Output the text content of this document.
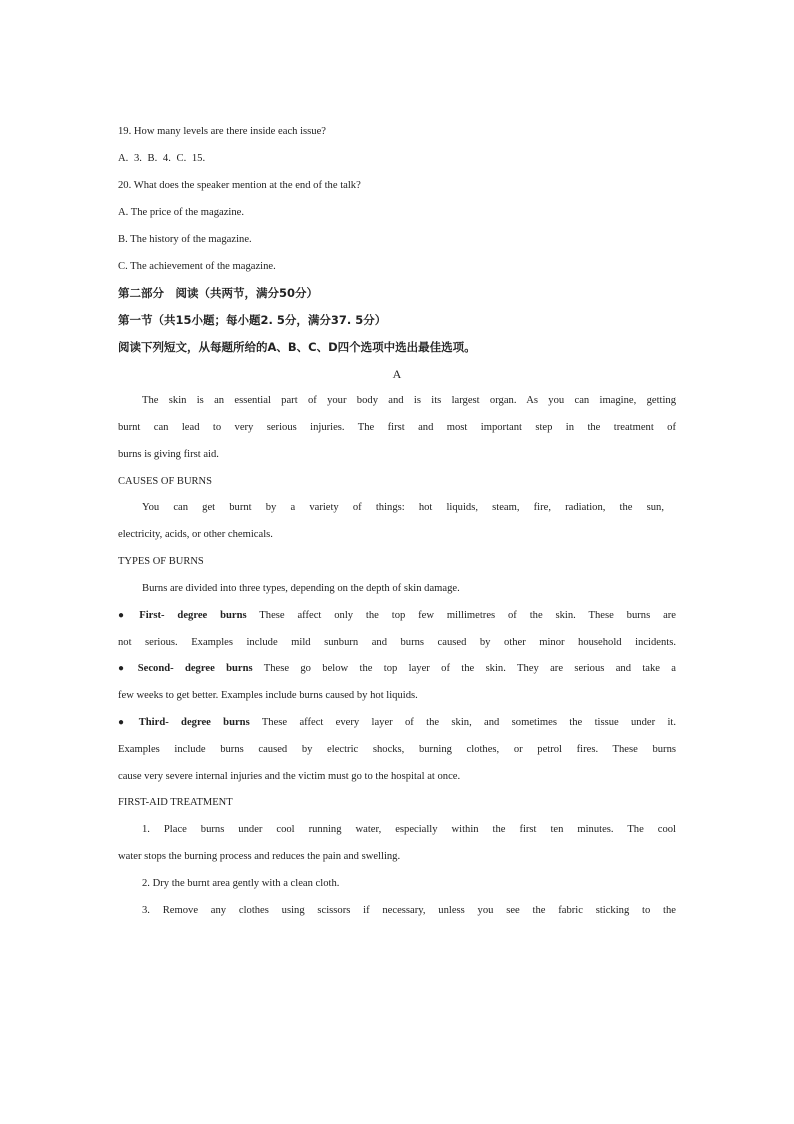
19. How many levels are there inside each issue?
A. 3. B. 4. C. 15.
20. What does the speaker mention at the end of the talk?
A. The price of the magazine.
B. The history of the magazine.
C. The achievement of the magazine.
第二部分　阅读（共两节，满分50分）
第一节（共15小题；每小题2. 5分，满分37. 5分）
阅读下列短文，从每题所给的A、B、C、D四个选项中选出最佳选项。
A
The skin is an essential part of your body and is its largest organ. As you can imagine, getting
burnt can lead to very serious injuries. The first and most important step in the treatment of
burns is giving first aid.
CAUSES OF BURNS
You can get burnt by a variety of things: hot liquids, steam, fire, radiation, the sun,
electricity, acids, or other chemicals.
TYPES OF BURNS
Burns are divided into three types, depending on the depth of skin damage.
● First- degree burns These affect only the top few millimetres of the skin. These burns are
not serious. Examples include mild sunburn and burns caused by other minor household incidents.
● Second- degree burns These go below the top layer of the skin. They are serious and take a
few weeks to get better. Examples include burns caused by hot liquids.
● Third- degree burns These affect every layer of the skin, and sometimes the tissue under it.
Examples include burns caused by electric shocks, burning clothes, or petrol fires. These burns
cause very severe internal injuries and the victim must go to the hospital at once.
FIRST-AID TREATMENT
1. Place burns under cool running water, especially within the first ten minutes. The cool
water stops the burning process and reduces the pain and swelling.
2. Dry the burnt area gently with a clean cloth.
3. Remove any clothes using scissors if necessary, unless you see the fabric sticking to the
